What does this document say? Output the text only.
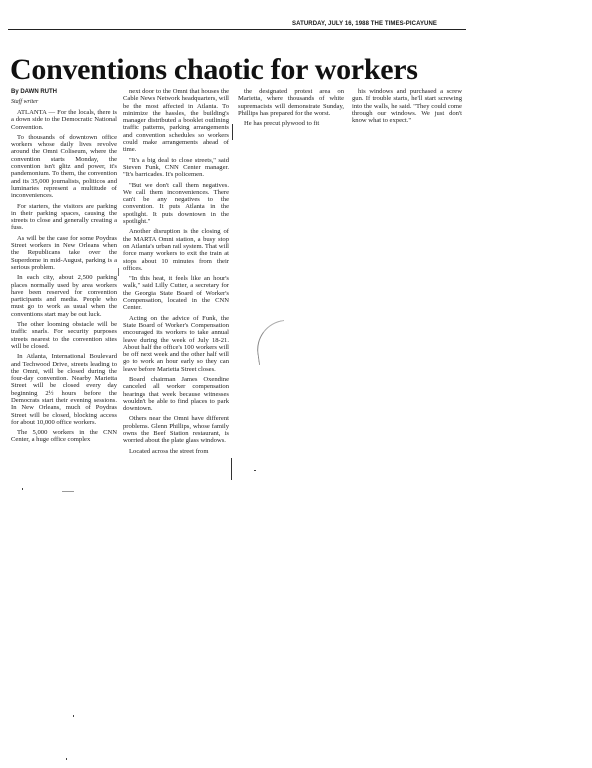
SATURDAY, JULY 16, 1988 THE TIMES-PICAYUNE
Conventions chaotic for workers

By DAWN RUTH

Staff writer

ATLANTA — For the locals, there is a down side to the Democratic National Convention.

To thousands of downtown office workers whose daily lives revolve around the Omni Coliseum, where the convention starts Monday, the convention isn't glitz and power, it's pandemonium. To them, the convention and its 35,000 journalists, politicos and luminaries represent a multitude of inconveniences.

For starters, the visitors are parking in their parking spaces, causing the streets to close and generally creating a fuss.

As will be the case for some Poydras Street workers in New Orleans when the Republicans take over the Superdome in mid-August, parking is a serious problem.

In each city, about 2,500 parking places normally used by area workers have been reserved for convention participants and media. People who must go to work as usual when the conventions start may be out luck.

The other looming obstacle will be traffic snarls. For security purposes streets nearest to the convention sites will be closed.

In Atlanta, International Boulevard and Techwood Drive, streets leading to the Omni, will be closed during the four-day convention. Nearby Marietta Street will be closed every day beginning 2½ hours before the Democrats start their evening sessions. In New Orleans, much of Poydras Street will be closed, blocking access for about 10,000 office workers.

The 5,000 workers in the CNN Center, a huge office complex

next door to the Omni that houses the Cable News Network headquarters, will be the most affected in Atlanta. To minimize the hassles, the building's manager distributed a booklet outlining traffic patterns, parking arrangements and convention schedules so workers could make arrangements ahead of time.

"It's a big deal to close streets," said Steven Funk, CNN Center manager. "It's barricades. It's policemen.

"But we don't call them negatives. We call them inconveniences. There can't be any negatives to the convention. It puts Atlanta in the spotlight. It puts downtown in the spotlight."

Another disruption is the closing of the MARTA Omni station, a busy stop on Atlanta's urban rail system. That will force many workers to exit the train at stops about 10 minutes from their offices.

"In this heat, it feels like an hour's walk," said Lilly Cutter, a secretary for the Georgia State Board of Worker's Compensation, located in the CNN Center.

Acting on the advice of Funk, the State Board of Worker's Compensation encouraged its workers to take annual leave during the week of July 18-21. About half the office's 100 workers will be off next week and the other half will go to work an hour early so they can leave before Marietta Street closes.

Board chairman James Oxendine canceled all worker compensation hearings that week because witnesses wouldn't be able to find places to park downtown.

Others near the Omni have different problems. Glenn Phillips, whose family owns the Beef Station restaurant, is worried about the plate glass windows.

Located across the street from

the designated protest area on Marietta, where thousands of white supremacists will demonstrate Sunday, Phillips has prepared for the worst.

He has precut plywood to fit

his windows and purchased a screw gun. If trouble starts, he'll start screwing into the walls, he said. "They could come through our windows. We just don't know what to expect."
